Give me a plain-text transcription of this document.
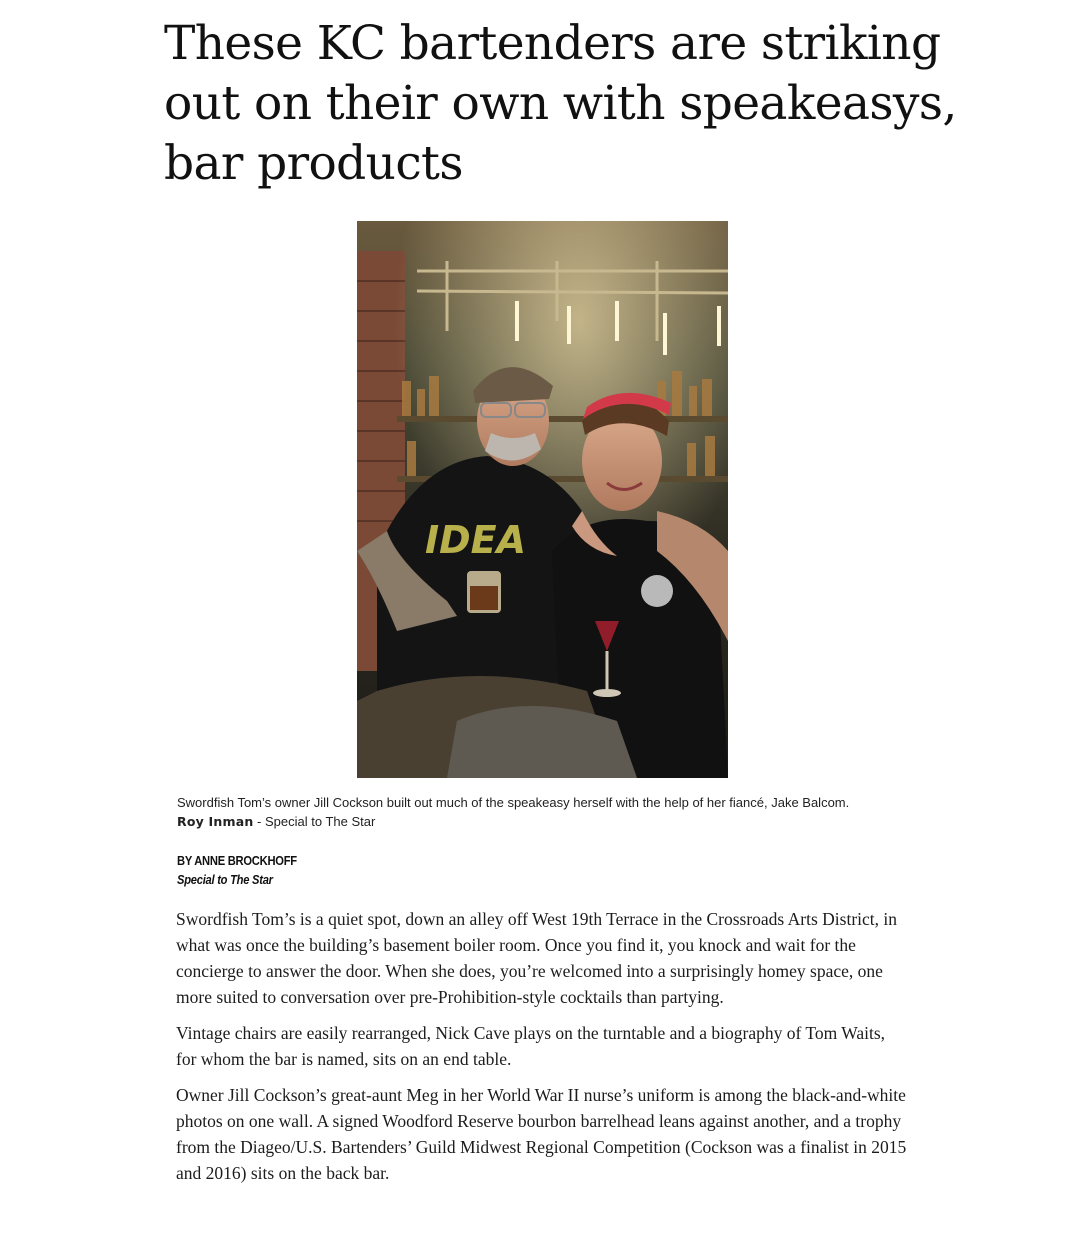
These KC bartenders are striking out on their own with speakeasys, bar products
IDEA
Swordfish Tom’s owner Jill Cockson built out much of the speakeasy herself with the help of her fiancé, Jake Balcom.
Roy Inman - Special to The Star
BY ANNE BROCKHOFF
Special to The Star

Swordfish Tom’s is a quiet spot, down an alley off West 19th Terrace in the Crossroads Arts District, in what was once the building’s basement boiler room. Once you find it, you knock and wait for the concierge to answer the door. When she does, you’re welcomed into a surprisingly homey space, one more suited to conversation over pre-Prohibition-style cocktails than partying.

Vintage chairs are easily rearranged, Nick Cave plays on the turntable and a biography of Tom Waits, for whom the bar is named, sits on an end table.

Owner Jill Cockson’s great-aunt Meg in her World War II nurse’s uniform is among the black-and-white photos on one wall. A signed Woodford Reserve bourbon barrelhead leans against another, and a trophy from the Diageo/U.S. Bartenders’ Guild Midwest Regional Competition (Cockson was a finalist in 2015 and 2016) sits on the back bar.
